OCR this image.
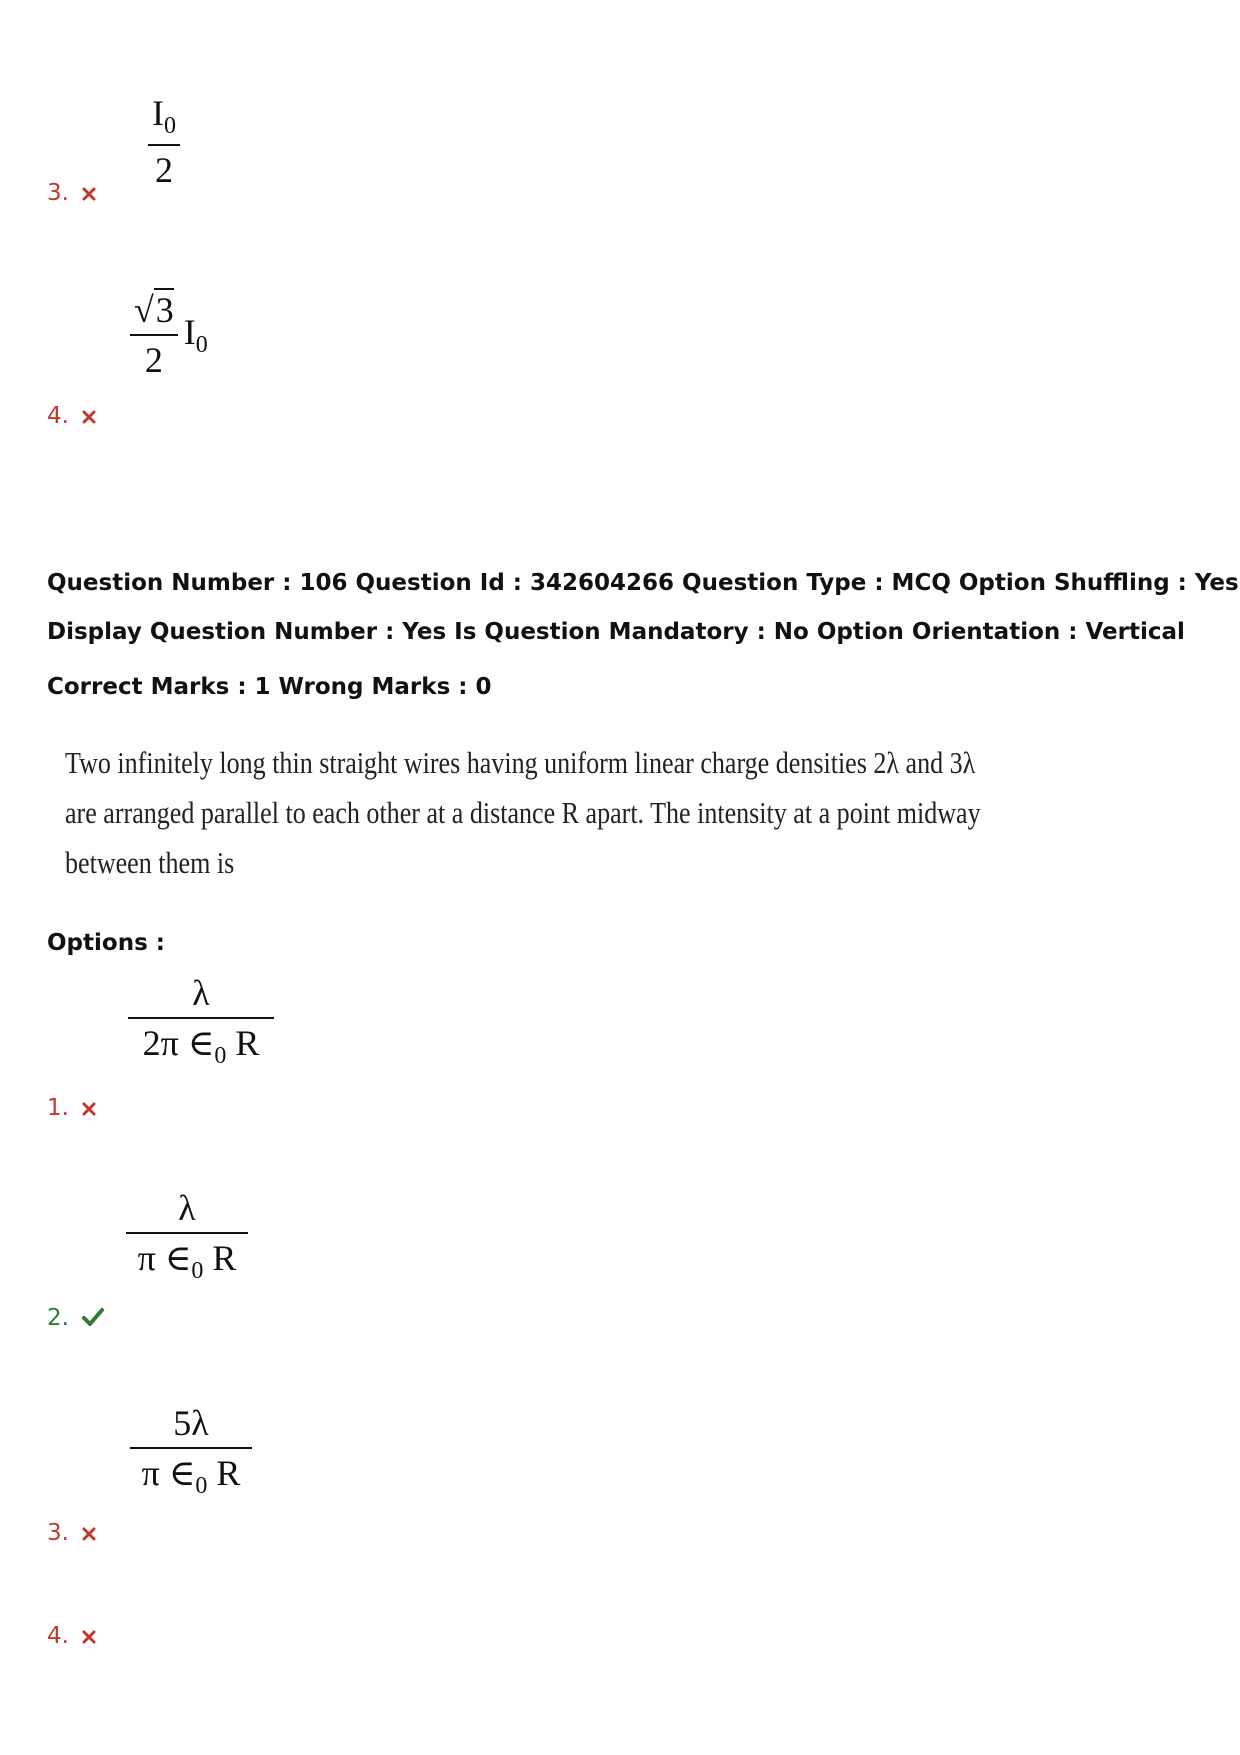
$\frac{I_0}{2}$
3.
$\frac{√3}{2} I_0$
4.
Question Number : 106 Question Id : 342604266 Question Type : MCQ Option Shuffling : Yes
Display Question Number : Yes Is Question Mandatory : No Option Orientation : Vertical
Correct Marks : 1 Wrong Marks : 0
Two infinitely long thin straight wires having uniform linear charge densities 2λ and 3λ
are arranged parallel to each other at a distance R apart. The intensity at a point midway
between them is
Options :
$\frac{\lambda}{2\pi \in_0 R}$
1.
$\frac{\lambda}{\pi \in_0 R}$
2.
$\frac{5\lambda}{\pi \in_0 R}$
3.
4.
